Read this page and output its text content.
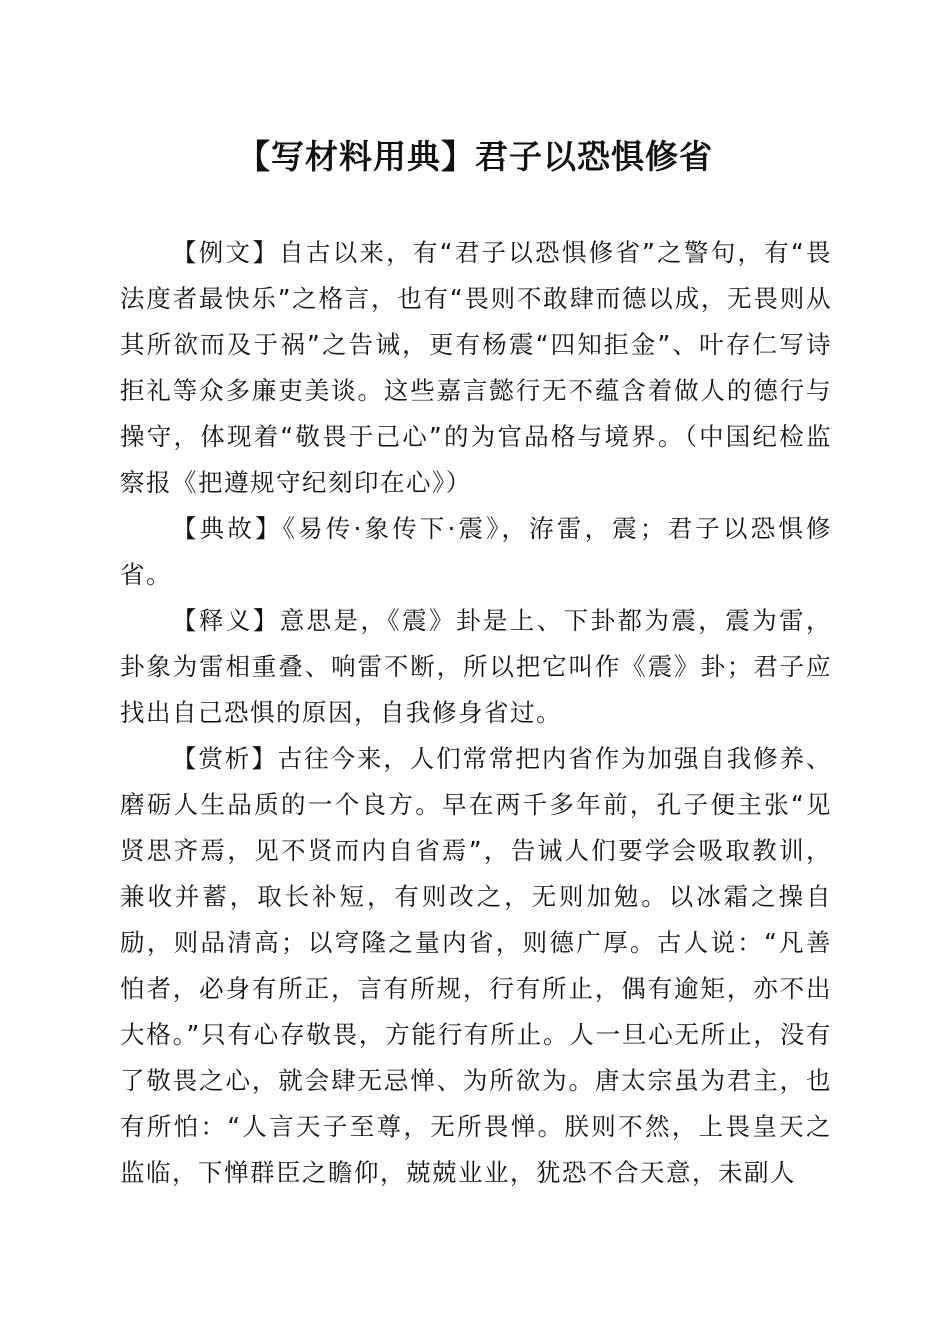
【写材料用典】君子以恐惧修省

【例文】自古以来，有“君子以恐惧修省”之警句，有“畏法度者最快乐”之格言，也有“畏则不敢肆而德以成，无畏则从其所欲而及于祸”之告诫，更有杨震“四知拒金”、叶存仁写诗拒礼等众多廉吏美谈。这些嘉言懿行无不蕴含着做人的德行与操守，体现着“敬畏于己心”的为官品格与境界。（中国纪检监察报《把遵规守纪刻印在心》）

【典故】《易传·象传下·震》，洊雷，震；君子以恐惧修省。

【释义】意思是，《震》卦是上、下卦都为震，震为雷，卦象为雷相重叠、响雷不断，所以把它叫作《震》卦；君子应找出自己恐惧的原因，自我修身省过。

【赏析】古往今来，人们常常把内省作为加强自我修养、磨砺人生品质的一个良方。早在两千多年前，孔子便主张“见贤思齐焉，见不贤而内自省焉”，告诫人们要学会吸取教训，兼收并蓄，取长补短，有则改之，无则加勉。以冰霜之操自励，则品清高；以穹隆之量内省，则德广厚。古人说：“凡善怕者，必身有所正，言有所规，行有所止，偶有逾矩，亦不出大格。”只有心存敬畏，方能行有所止。人一旦心无所止，没有了敬畏之心，就会肆无忌惮、为所欲为。唐太宗虽为君主，也有所怕：“人言天子至尊，无所畏惮。朕则不然，上畏皇天之监临，下惮群臣之瞻仰，兢兢业业，犹恐不合天意，未副人
